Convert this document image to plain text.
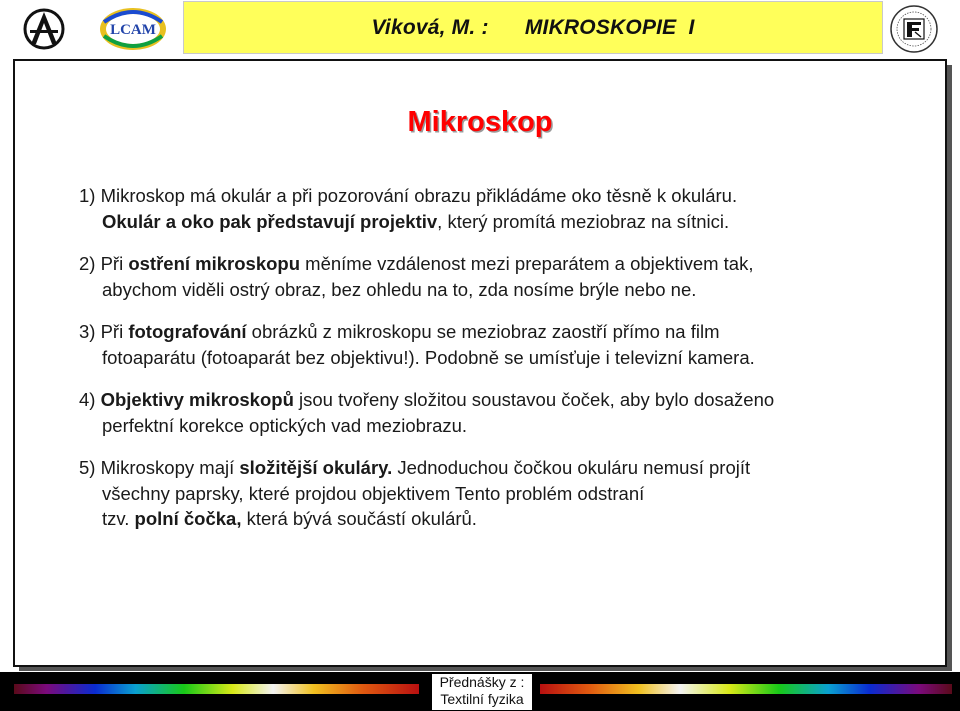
LCAM	Viková, M. :      MIKROSKOPIE  I
Mikroskop

1) Mikroskop má okulár a při pozorování obrazu přikládáme oko těsně k okuláru.
Okulár a oko pak představují projektiv, který promítá meziobraz na sítnici.

2) Při ostření mikroskopu měníme vzdálenost mezi preparátem a objektivem tak,
abychom viděli ostrý obraz, bez ohledu na to, zda nosíme brýle nebo ne.

3) Při fotografování obrázků z mikroskopu se meziobraz zaostří přímo na film
fotoaparátu (fotoaparát bez objektivu!). Podobně se umísťuje i televizní kamera.

4) Objektivy mikroskopů jsou tvořeny složitou soustavou čoček, aby bylo dosaženo
perfektní korekce optických vad meziobrazu.

5) Mikroskopy mají složitější okuláry. Jednoduchou čočkou okuláru nemusí projít
všechny paprsky, které projdou objektivem Tento problém odstraní
tzv. polní čočka, která bývá součástí okulárů.

Přednášky z :
Textilní fyzika
